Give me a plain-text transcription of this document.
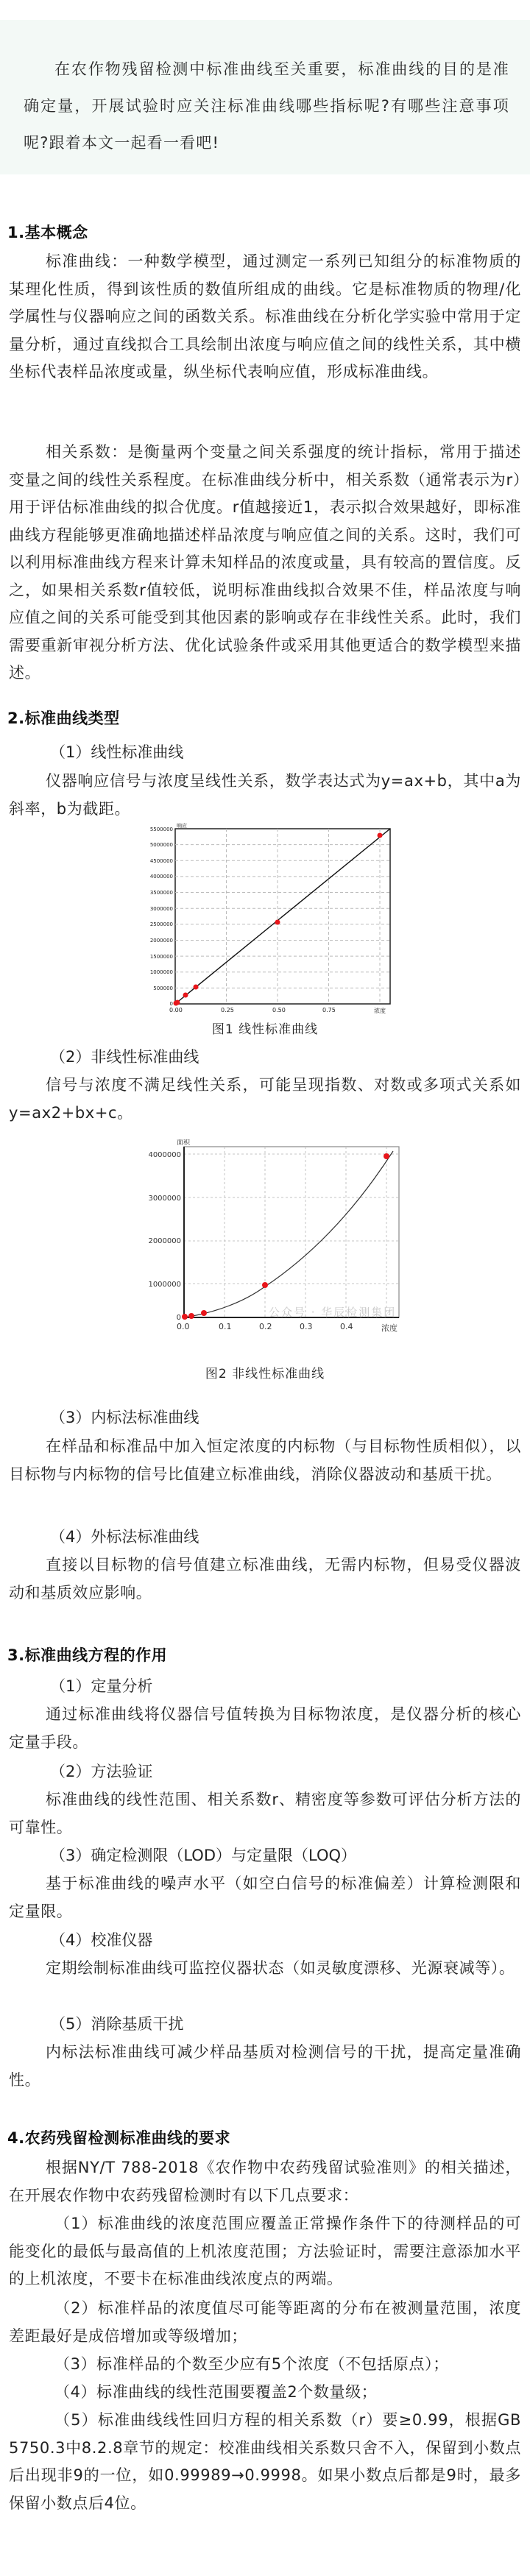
在农作物残留检测中标准曲线至关重要，标准曲线的目的是准确定量，开展试验时应关注标准曲线哪些指标呢?有哪些注意事项呢?跟着本文一起看一看吧!

1.基本概念

标准曲线：一种数学模型，通过测定一系列已知组分的标准物质的某理化性质，得到该性质的数值所组成的曲线。它是标准物质的物理/化学属性与仪器响应之间的函数关系。标准曲线在分析化学实验中常用于定量分析，通过直线拟合工具绘制出浓度与响应值之间的线性关系，其中横坐标代表样品浓度或量，纵坐标代表响应值，形成标准曲线。

相关系数：是衡量两个变量之间关系强度的统计指标，常用于描述变量之间的线性关系程度。在标准曲线分析中，相关系数（通常表示为r）用于评估标准曲线的拟合优度。r值越接近1，表示拟合效果越好，即标准曲线方程能够更准确地描述样品浓度与响应值之间的关系。这时，我们可以利用标准曲线方程来计算未知样品的浓度或量，具有较高的置信度。反之，如果相关系数r值较低，说明标准曲线拟合效果不佳，样品浓度与响应值之间的关系可能受到其他因素的影响或存在非线性关系。此时，我们需要重新审视分析方法、优化试验条件或采用其他更适合的数学模型来描述。

2.标准曲线类型

（1）线性标准曲线

仪器响应信号与浓度呈线性关系，数学表达式为y=ax+b，其中a为斜率，b为截距。

0
500000
1000000
1500000
2000000
2500000
3000000
3500000
4000000
4500000
5000000
5500000
响应
0.00	0.25	0.50	0.75	浓度
图1 线性标准曲线

（2）非线性标准曲线

信号与浓度不满足线性关系，可能呈现指数、对数或多项式关系如y=ax2+bx+c。

0
1000000
2000000
3000000
4000000
面积
0.0	0.1	0.2	0.3	0.4	浓度
公众号 · 华辰检测集团
图2 非线性标准曲线

（3）内标法标准曲线

在样品和标准品中加入恒定浓度的内标物（与目标物性质相似），以目标物与内标物的信号比值建立标准曲线，消除仪器波动和基质干扰。

（4）外标法标准曲线

直接以目标物的信号值建立标准曲线，无需内标物，但易受仪器波动和基质效应影响。

3.标准曲线方程的作用

（1）定量分析

通过标准曲线将仪器信号值转换为目标物浓度，是仪器分析的核心定量手段。

（2）方法验证

标准曲线的线性范围、相关系数r、精密度等参数可评估分析方法的可靠性。

（3）确定检测限（LOD）与定量限（LOQ）

基于标准曲线的噪声水平（如空白信号的标准偏差）计算检测限和定量限。

（4）校准仪器

定期绘制标准曲线可监控仪器状态（如灵敏度漂移、光源衰减等）。

（5）消除基质干扰

内标法标准曲线可减少样品基质对检测信号的干扰，提高定量准确性。

4.农药残留检测标准曲线的要求

根据NY/T 788-2018《农作物中农药残留试验准则》的相关描述，在开展农作物中农药残留检测时有以下几点要求：

（1）标准曲线的浓度范围应覆盖正常操作条件下的待测样品的可能变化的最低与最高值的上机浓度范围；方法验证时，需要注意添加水平的上机浓度，不要卡在标准曲线浓度点的两端。

（2）标准样品的浓度值尽可能等距离的分布在被测量范围，浓度差距最好是成倍增加或等级增加；

（3）标准样品的个数至少应有5个浓度（不包括原点）；

（4）标准曲线的线性范围要覆盖2个数量级；

（5）标准曲线线性回归方程的相关系数（r）要≥0.99，根据GB 5750.3中8.2.8章节的规定：校准曲线相关系数只舍不入，保留到小数点后出现非9的一位，如0.99989→0.9998。如果小数点后都是9时，最多保留小数点后4位。
